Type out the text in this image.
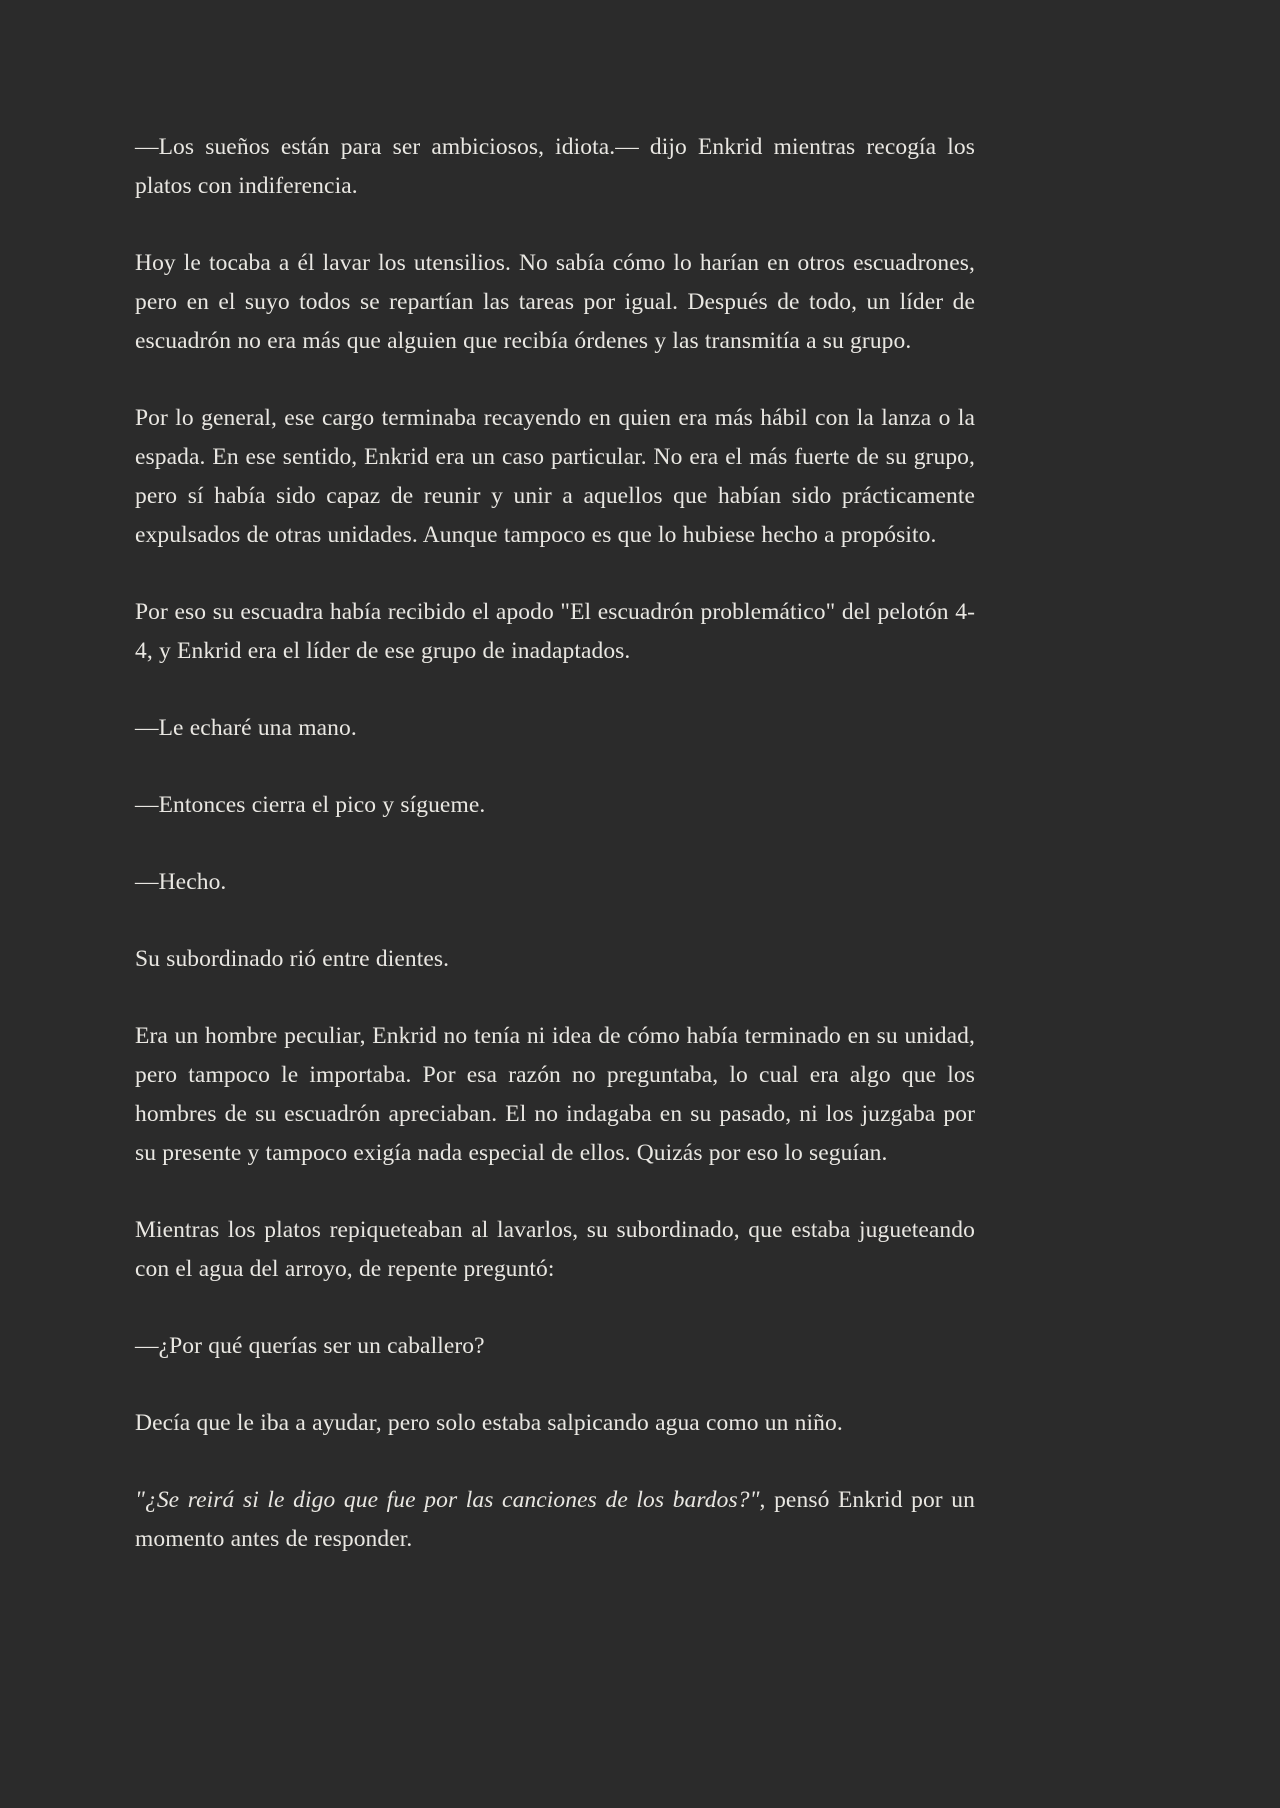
—Los sueños están para ser ambiciosos, idiota.— dijo Enkrid mientras recogía los platos con indiferencia.

Hoy le tocaba a él lavar los utensilios. No sabía cómo lo harían en otros escuadrones, pero en el suyo todos se repartían las tareas por igual. Después de todo, un líder de escuadrón no era más que alguien que recibía órdenes y las transmitía a su grupo.

Por lo general, ese cargo terminaba recayendo en quien era más hábil con la lanza o la espada. En ese sentido, Enkrid era un caso particular. No era el más fuerte de su grupo, pero sí había sido capaz de reunir y unir a aquellos que habían sido prácticamente expulsados de otras unidades. Aunque tampoco es que lo hubiese hecho a propósito.

Por eso su escuadra había recibido el apodo "El escuadrón problemático" del pelotón 4-4, y Enkrid era el líder de ese grupo de inadaptados.

—Le echaré una mano.

—Entonces cierra el pico y sígueme.

—Hecho.

Su subordinado rió entre dientes.

Era un hombre peculiar, Enkrid no tenía ni idea de cómo había terminado en su unidad, pero tampoco le importaba. Por esa razón no preguntaba, lo cual era algo que los hombres de su escuadrón apreciaban. El no indagaba en su pasado, ni los juzgaba por su presente y tampoco exigía nada especial de ellos. Quizás por eso lo seguían.

Mientras los platos repiqueteaban al lavarlos, su subordinado, que estaba jugueteando con el agua del arroyo, de repente preguntó:

—¿Por qué querías ser un caballero?

Decía que le iba a ayudar, pero solo estaba salpicando agua como un niño.

"¿Se reirá si le digo que fue por las canciones de los bardos?", pensó Enkrid por un momento antes de responder.
